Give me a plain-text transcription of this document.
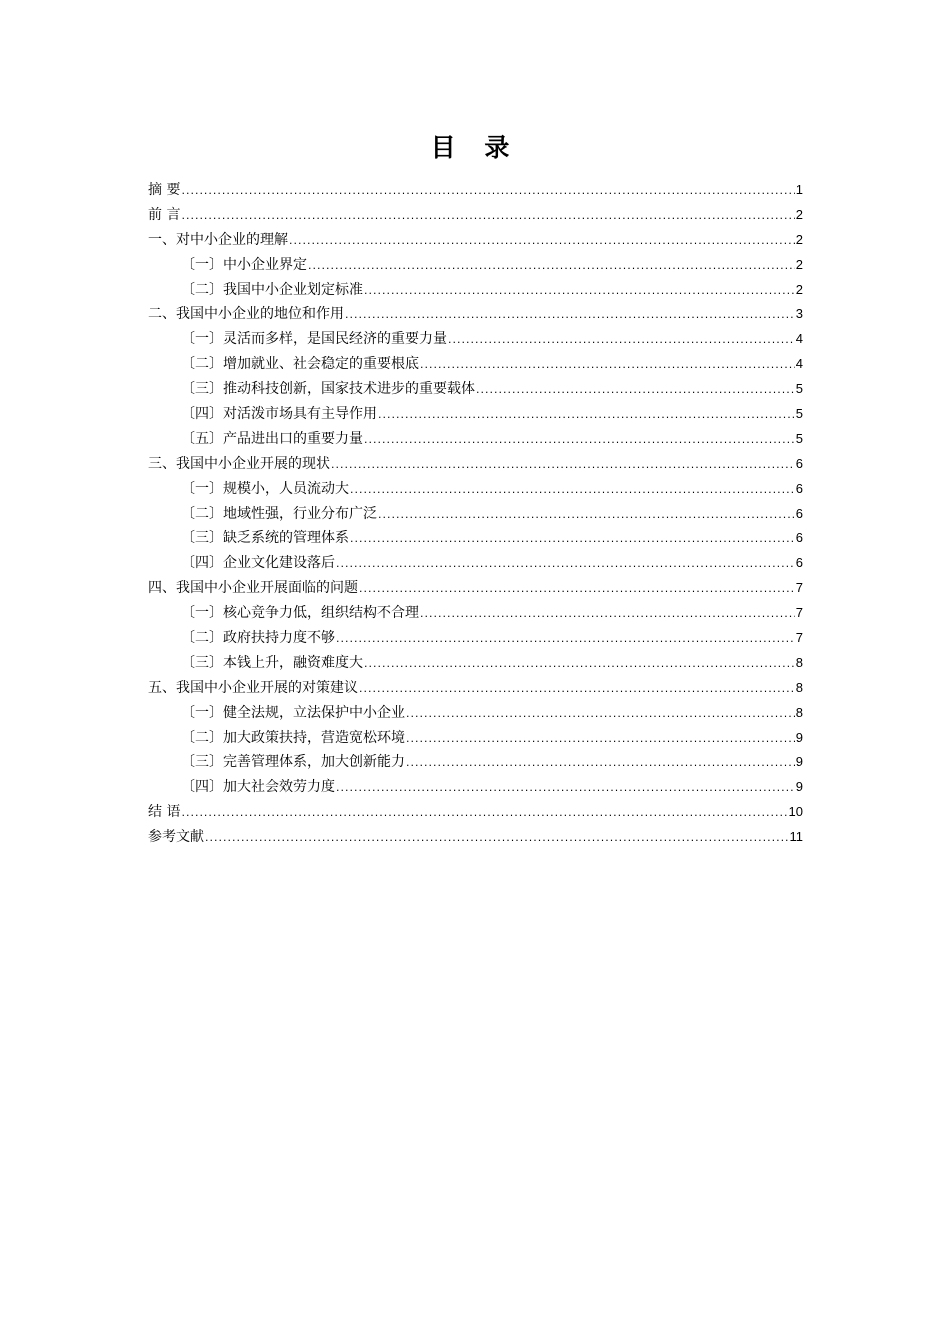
目 录
摘 要 .....	1
前 言 .....	2
一、对中小企业的理解 .....	2
〔一〕中小企业界定 .....	2
〔二〕我国中小企业划定标准 .....	2
二、我国中小企业的地位和作用 .....	3
〔一〕灵活而多样，是国民经济的重要力量 .....	4
〔二〕增加就业、社会稳定的重要根底 .....	4
〔三〕推动科技创新，国家技术进步的重要载体 .....	5
〔四〕对活泼市场具有主导作用 .....	5
〔五〕产品进出口的重要力量 .....	5
三、我国中小企业开展的现状 .....	6
〔一〕规模小，人员流动大 .....	6
〔二〕地域性强，行业分布广泛 .....	6
〔三〕缺乏系统的管理体系 .....	6
〔四〕企业文化建设落后 .....	6
四、我国中小企业开展面临的问题 .....	7
〔一〕核心竞争力低，组织结构不合理 .....	7
〔二〕政府扶持力度不够 .....	7
〔三〕本钱上升，融资难度大 .....	8
五、我国中小企业开展的对策建议 .....	8
〔一〕健全法规，立法保护中小企业 .....	8
〔二〕加大政策扶持，营造宽松环境 .....	9
〔三〕完善管理体系，加大创新能力 .....	9
〔四〕加大社会效劳力度 .....	9
结 语 .....	10
参考文献 .....	11
